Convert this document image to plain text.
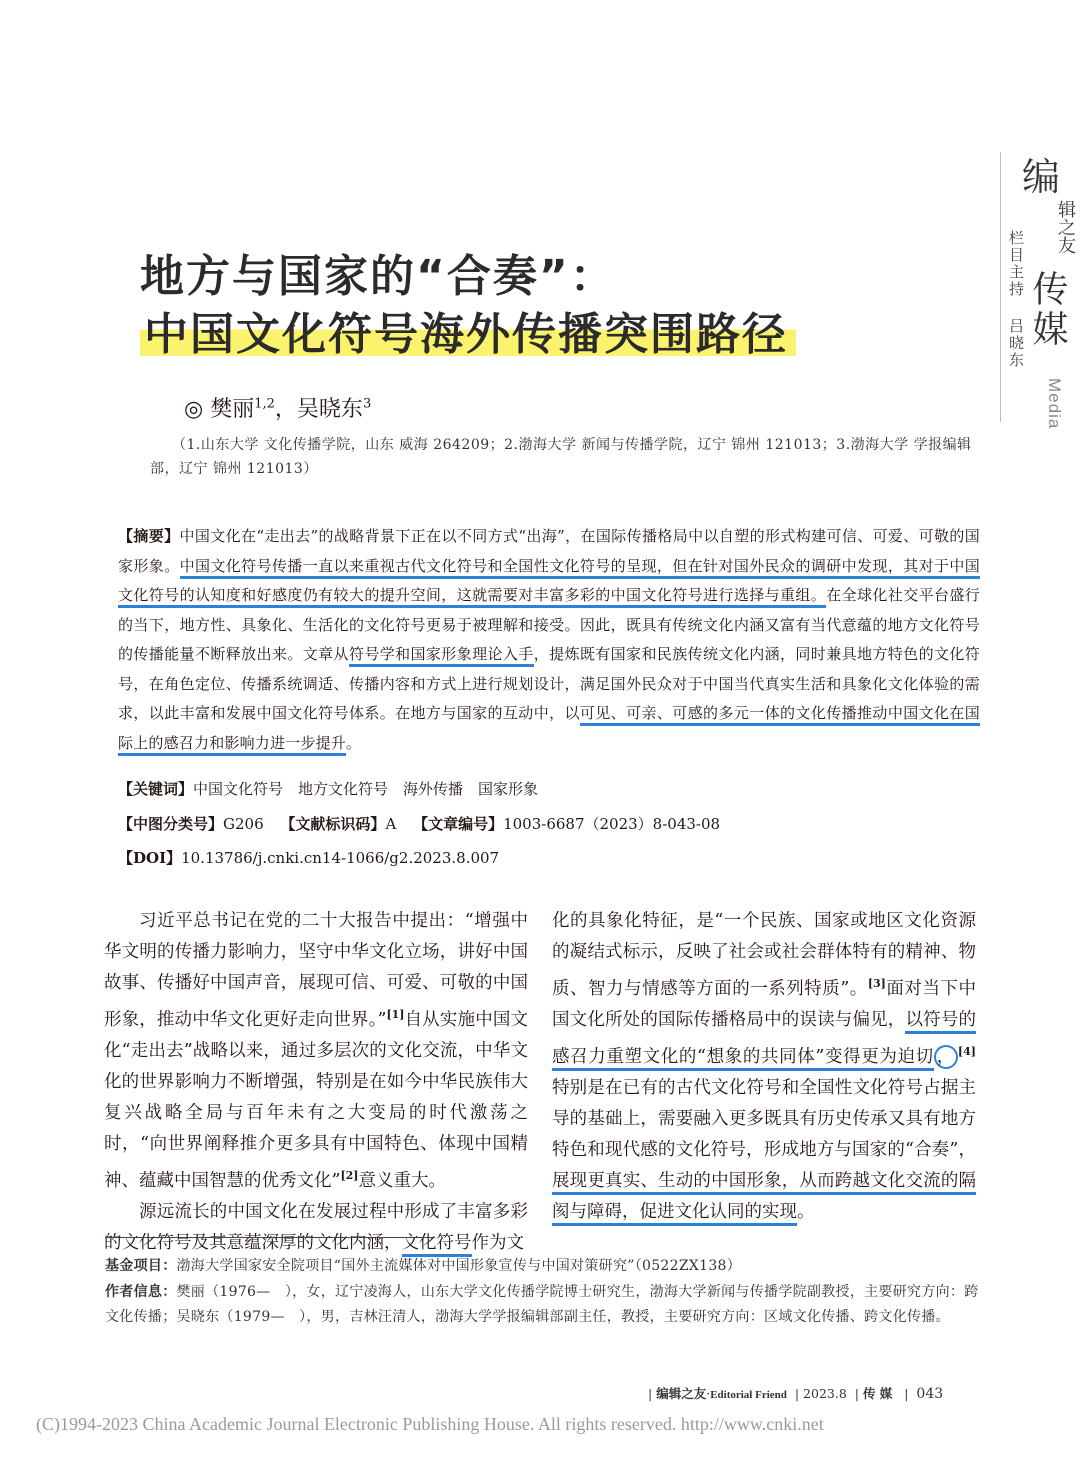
编
辑之友
栏目主持
吕晓东 传媒
Media
地方与国家的“合奏”：
中国文化符号海外传播突围路径
◎ 樊丽$^{1,2}$，吴晓东$^3$
（1.山东大学 文化传播学院，山东 威海 264209；2.渤海大学 新闻与传播学院，辽宁 锦州 121013；3.渤海大学 学报编辑部，辽宁 锦州 121013）
【摘要】中国文化在“走出去”的战略背景下正在以不同方式“出海”，在国际传播格局中以自塑的形式构建可信、可爱、可敬的国家形象。中国文化符号传播一直以来重视古代文化符号和全国性文化符号的呈现，但在针对国外民众的调研中发现，其对于中国文化符号的认知度和好感度仍有较大的提升空间，这就需要对丰富多彩的中国文化符号进行选择与重组。在全球化社交平台盛行的当下，地方性、具象化、生活化的文化符号更易于被理解和接受。因此，既具有传统文化内涵又富有当代意蕴的地方文化符号的传播能量不断释放出来。文章从符号学和国家形象理论入手，提炼既有国家和民族传统文化内涵，同时兼具地方特色的文化符号，在角色定位、传播系统调适、传播内容和方式上进行规划设计，满足国外民众对于中国当代真实生活和具象化文化体验的需求，以此丰富和发展中国文化符号体系。在地方与国家的互动中，以可见、可亲、可感的多元一体的文化传播推动中国文化在国际上的感召力和影响力进一步提升。
【关键词】中国文化符号　地方文化符号　海外传播　国家形象
【中图分类号】G206 【文献标识码】A 【文章编号】1003-6687（2023）8-043-08
【DOI】10.13786/j.cnki.cn14-1066/g2.2023.8.007

习近平总书记在党的二十大报告中提出：“增强中华文明的传播力影响力，坚守中华文化立场，讲好中国故事、传播好中国声音，展现可信、可爱、可敬的中国形象，推动中华文化更好走向世界。”[1]自从实施中国文化“走出去”战略以来，通过多层次的文化交流，中华文化的世界影响力不断增强，特别是在如今中华民族伟大复兴战略全局与百年未有之大变局的时代激荡之时，“向世界阐释推介更多具有中国特色、体现中国精神、蕴藏中国智慧的优秀文化”[2]意义重大。

源远流长的中国文化在发展过程中形成了丰富多彩的文化符号及其意蕴深厚的文化内涵，文化符号作为文

化的具象化特征，是“一个民族、国家或地区文化资源的凝结式标示，反映了社会或社会群体特有的精神、物质、智力与情感等方面的一系列特质”。[3]面对当下中国文化所处的国际传播格局中的误读与偏见，以符号的感召力重塑文化的“想象的共同体”变得更为迫切 ， [4]特别是在已有的古代文化符号和全国性文化符号占据主导的基础上，需要融入更多既具有历史传承又具有地方特色和现代感的文化符号，形成地方与国家的“合奏”，展现更真实、生动的中国形象，从而跨越文化交流的隔阂与障碍，促进文化认同的实现。

基金项目：渤海大学国家安全院项目“国外主流媒体对中国形象宣传与中国对策研究”（0522ZX138）
作者信息：樊丽（1976—　），女，辽宁凌海人，山东大学文化传播学院博士研究生，渤海大学新闻与传播学院副教授，主要研究方向：跨文化传播；吴晓东（1979—　），男，吉林汪清人，渤海大学学报编辑部副主任，教授，主要研究方向：区域文化传播、跨文化传播。
| 编辑之友·Editorial Friend  | 2023.8  | 传 媒   |  043
(C)1994-2023 China Academic Journal Electronic Publishing House. All rights reserved. http://www.cnki.net
